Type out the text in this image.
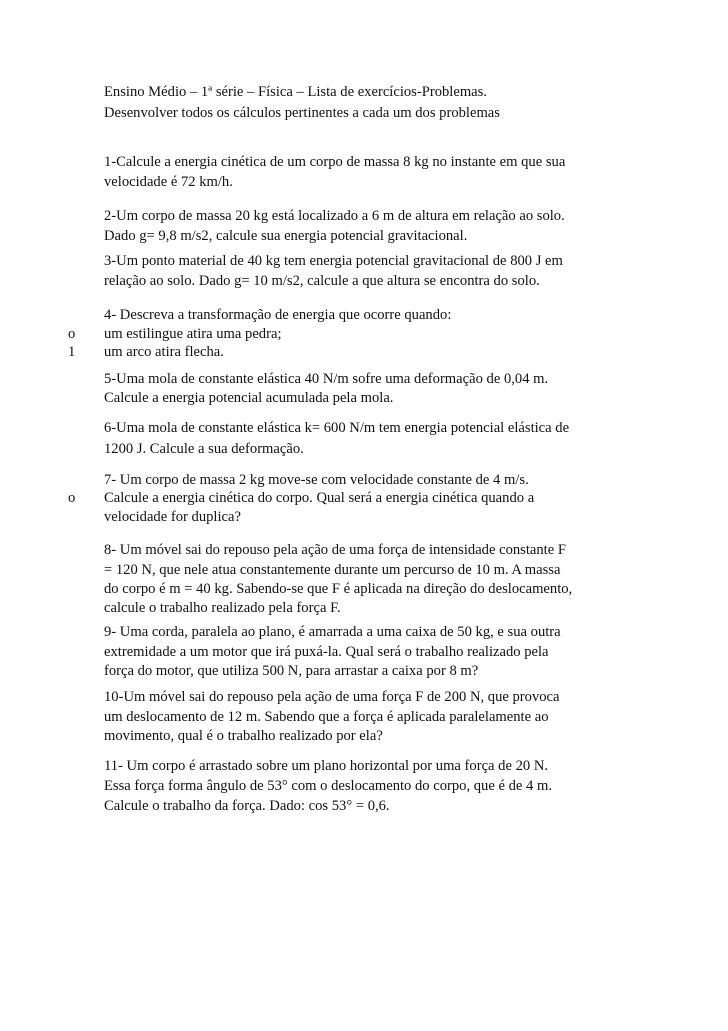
Ensino Médio – 1ª série – Física – Lista de exercícios-Problemas.
Desenvolver todos os cálculos pertinentes a cada um dos problemas
1-Calcule a energia cinética de um corpo de massa 8 kg no instante em que sua
velocidade é 72 km/h.
2-Um corpo de massa 20 kg está localizado a 6 m de altura em relação ao solo.
Dado g= 9,8 m/s2, calcule sua energia potencial gravitacional.
3-Um ponto material de 40 kg tem energia potencial gravitacional de 800 J em
relação ao solo. Dado g= 10 m/s2, calcule a que altura se encontra do solo.
4- Descreva a transformação de energia que ocorre quando:
o um estilingue atira uma pedra;
1 um arco atira flecha.
5-Uma mola de constante elástica 40 N/m sofre uma deformação de 0,04 m.
Calcule a energia potencial acumulada pela mola.
6-Uma mola de constante elástica k= 600 N/m tem energia potencial elástica de
1200 J. Calcule a sua deformação.
7- Um corpo de massa 2 kg move-se com velocidade constante de 4 m/s.
o Calcule a energia cinética do corpo. Qual será a energia cinética quando a
velocidade for duplica?
8- Um móvel sai do repouso pela ação de uma força de intensidade constante F
= 120 N, que nele atua constantemente durante um percurso de 10 m. A massa
do corpo é m = 40 kg. Sabendo-se que F é aplicada na direção do deslocamento,
calcule o trabalho realizado pela força F.
9- Uma corda, paralela ao plano, é amarrada a uma caixa de 50 kg, e sua outra
extremidade a um motor que irá puxá-la. Qual será o trabalho realizado pela
força do motor, que utiliza 500 N, para arrastar a caixa por 8 m?
10-Um móvel sai do repouso pela ação de uma força F de 200 N, que provoca
um deslocamento de 12 m. Sabendo que a força é aplicada paralelamente ao
movimento, qual é o trabalho realizado por ela?
11- Um corpo é arrastado sobre um plano horizontal por uma força de 20 N.
Essa força forma ângulo de 53° com o deslocamento do corpo, que é de 4 m.
Calcule o trabalho da força. Dado: cos 53° = 0,6.
